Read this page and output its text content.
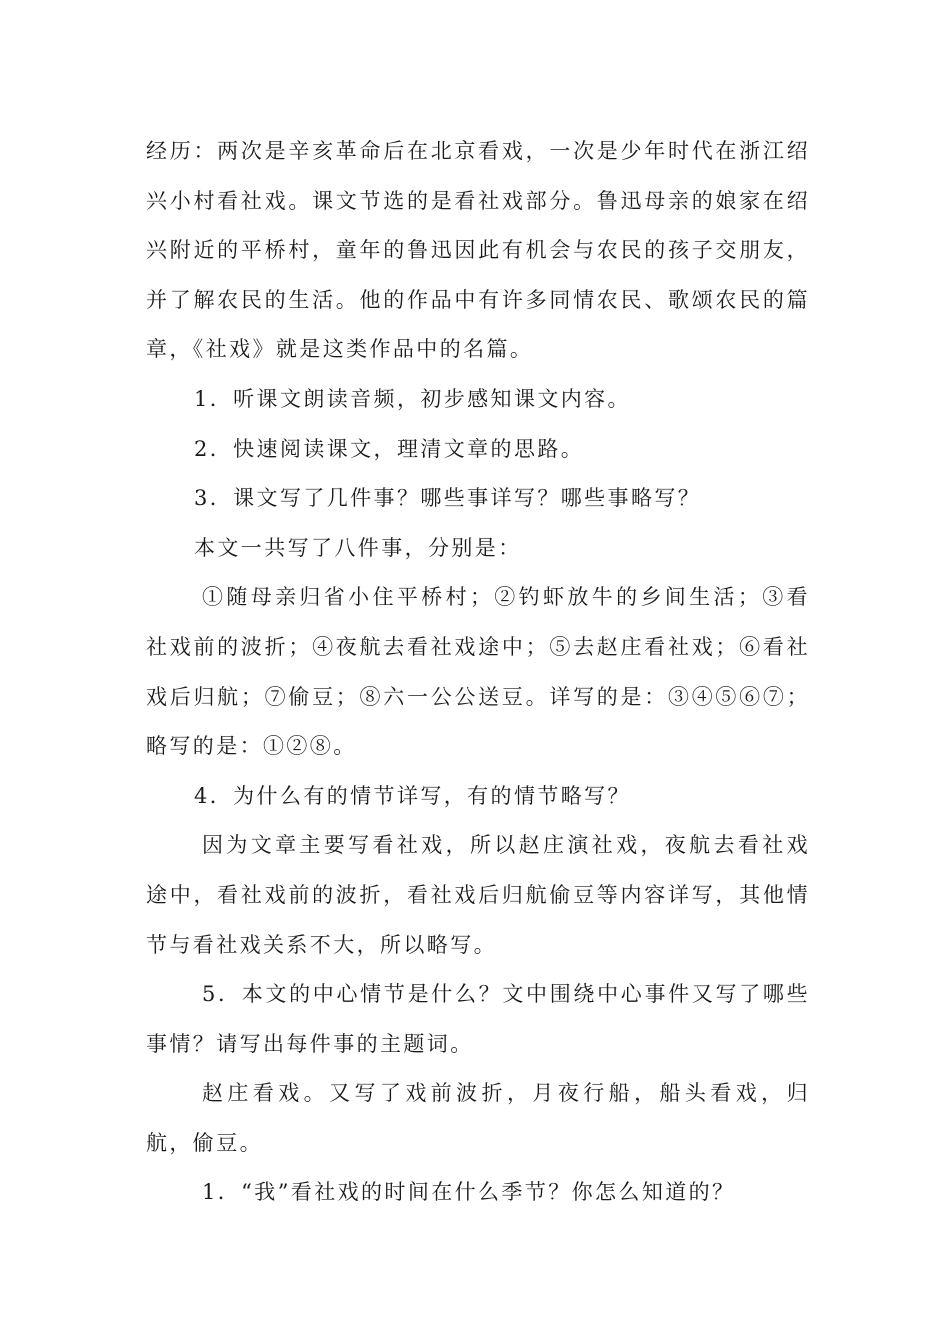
经历：两次是辛亥革命后在北京看戏，一次是少年时代在浙江绍兴小村看社戏。课文节选的是看社戏部分。鲁迅母亲的娘家在绍兴附近的平桥村，童年的鲁迅因此有机会与农民的孩子交朋友，并了解农民的生活。他的作品中有许多同情农民、歌颂农民的篇章，《社戏》就是这类作品中的名篇。

1．听课文朗读音频，初步感知课文内容。

2．快速阅读课文，理清文章的思路。

3．课文写了几件事？哪些事详写？哪些事略写？

本文一共写了八件事，分别是：

①随母亲归省小住平桥村；②钓虾放牛的乡间生活；③看社戏前的波折；④夜航去看社戏途中；⑤去赵庄看社戏；⑥看社戏后归航；⑦偷豆；⑧六一公公送豆。详写的是：③④⑤⑥⑦；略写的是：①②⑧。

4．为什么有的情节详写，有的情节略写？

因为文章主要写看社戏，所以赵庄演社戏，夜航去看社戏途中，看社戏前的波折，看社戏后归航偷豆等内容详写，其他情节与看社戏关系不大，所以略写。

5．本文的中心情节是什么？文中围绕中心事件又写了哪些事情？请写出每件事的主题词。

赵庄看戏。又写了戏前波折，月夜行船，船头看戏，归航，偷豆。

1．“我”看社戏的时间在什么季节？你怎么知道的？
